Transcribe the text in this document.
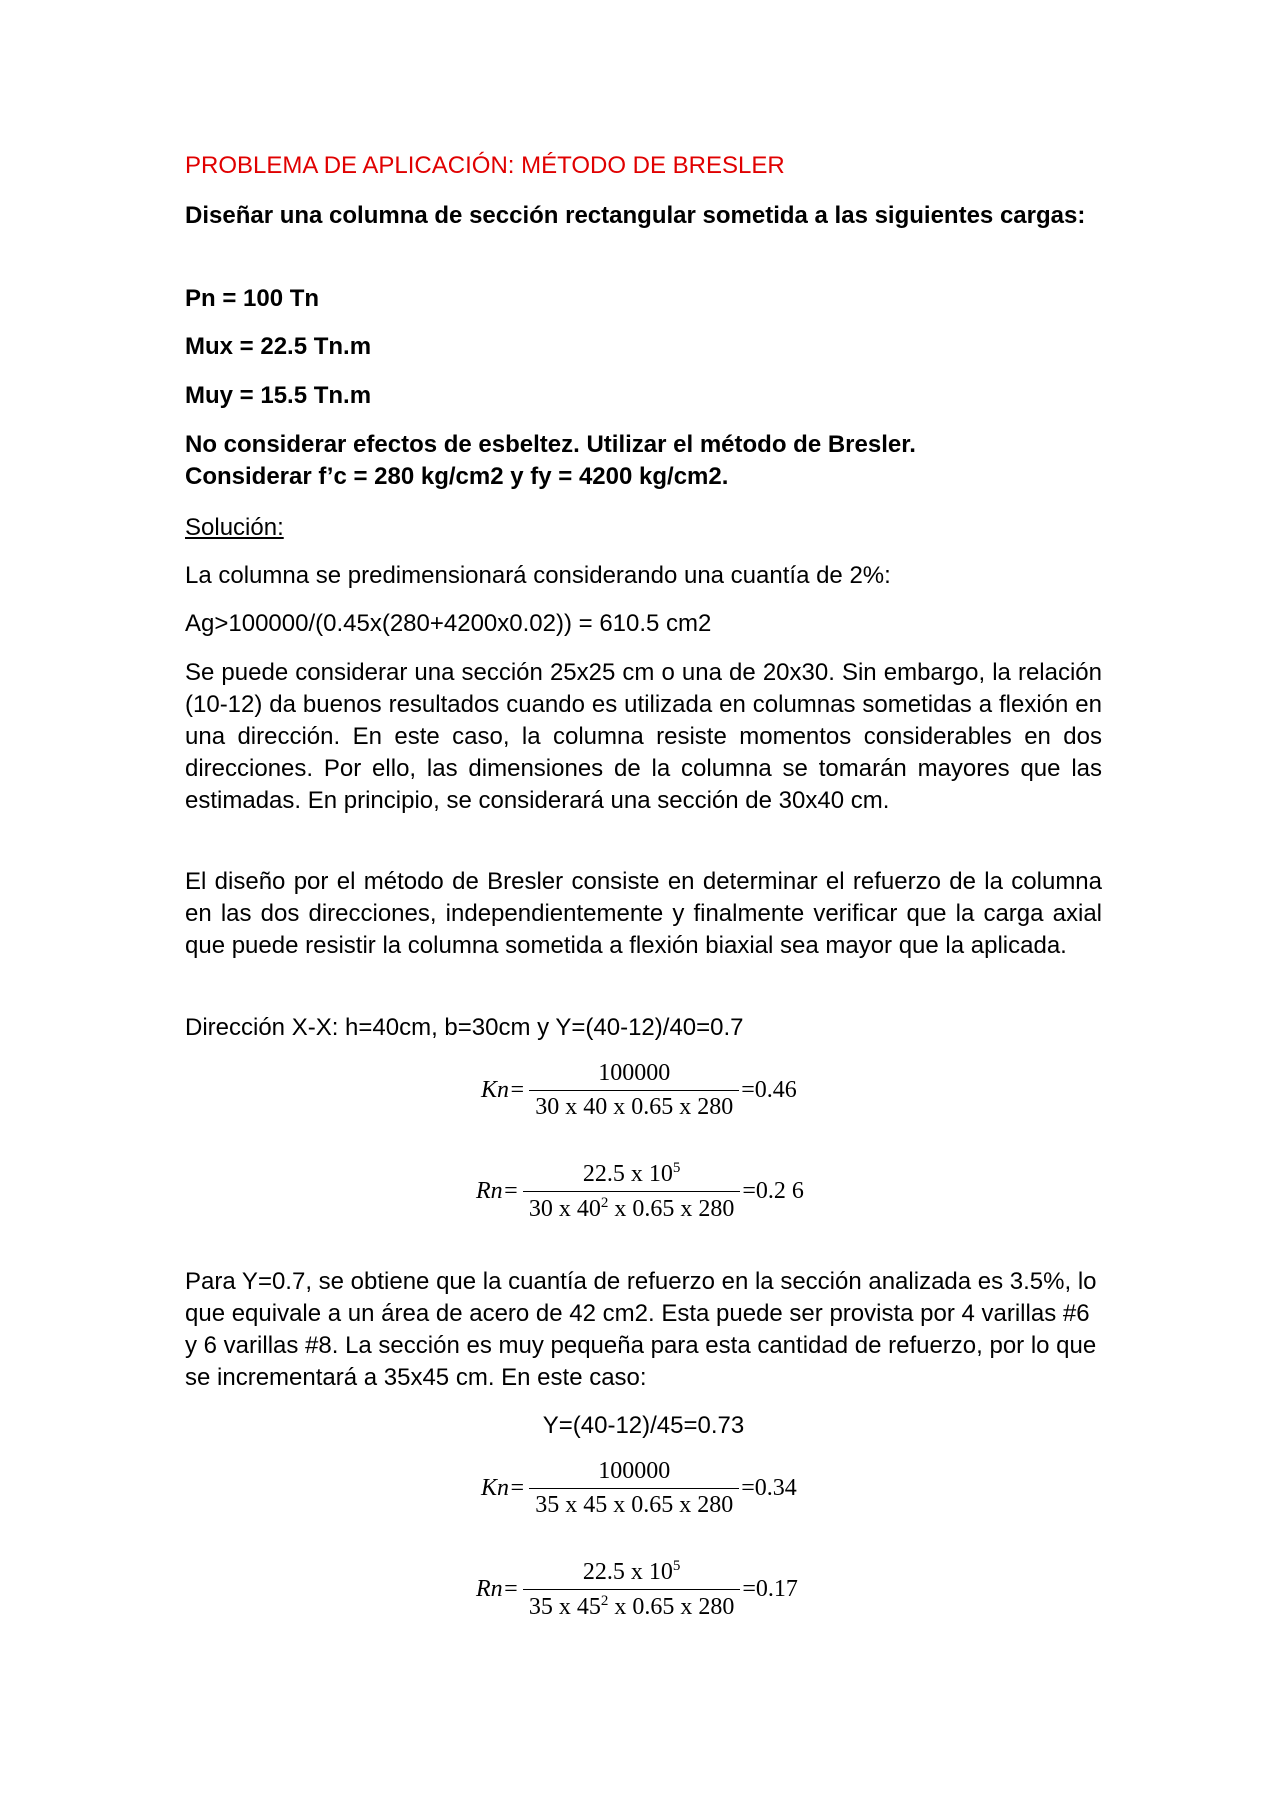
PROBLEMA DE APLICACIÓN: MÉTODO DE BRESLER
Diseñar una columna de sección rectangular sometida a las siguientes cargas:
Pn = 100 Tn
Mux = 22.5 Tn.m
Muy = 15.5 Tn.m
No considerar efectos de esbeltez. Utilizar el método de Bresler. Considerar f’c = 280 kg/cm2 y fy = 4200 kg/cm2.
Solución:
La columna se predimensionará considerando una cuantía de 2%:
Ag>100000/(0.45x(280+4200x0.02)) = 610.5 cm2
Se puede considerar una sección 25x25 cm o una de 20x30. Sin embargo, la relación (10-12) da buenos resultados cuando es utilizada en columnas sometidas a flexión en una dirección. En este caso, la columna resiste momentos considerables en dos direcciones. Por ello, las dimensiones de la columna se tomarán mayores que las estimadas. En principio, se considerará una sección de 30x40 cm.
El diseño por el método de Bresler consiste en determinar el refuerzo de la columna en las dos direcciones, independientemente y finalmente verificar que la carga axial que puede resistir la columna sometida a flexión biaxial sea mayor que la aplicada.
Dirección X-X: h=40cm, b=30cm y Y=(40-12)/40=0.7
$Kn= \frac{100000}{30 x 40 x 0.65 x 280} =0.46$
$Rn= \frac{22.5 x 10^5}{30 x 40^2 x 0.65 x 280} =0.2$ 6
Para Y=0.7, se obtiene que la cuantía de refuerzo en la sección analizada es 3.5%, lo que equivale a un área de acero de 42 cm2. Esta puede ser provista por 4 varillas #6 y 6 varillas #8. La sección es muy pequeña para esta cantidad de refuerzo, por lo que se incrementará a 35x45 cm. En este caso:
Y=(40-12)/45=0.73
$Kn= \frac{100000}{35 x 45 x 0.65 x 280} =0.34$
$Rn= \frac{22.5 x 10^5}{35 x 45^2 x 0.65 x 280} =0.17$
